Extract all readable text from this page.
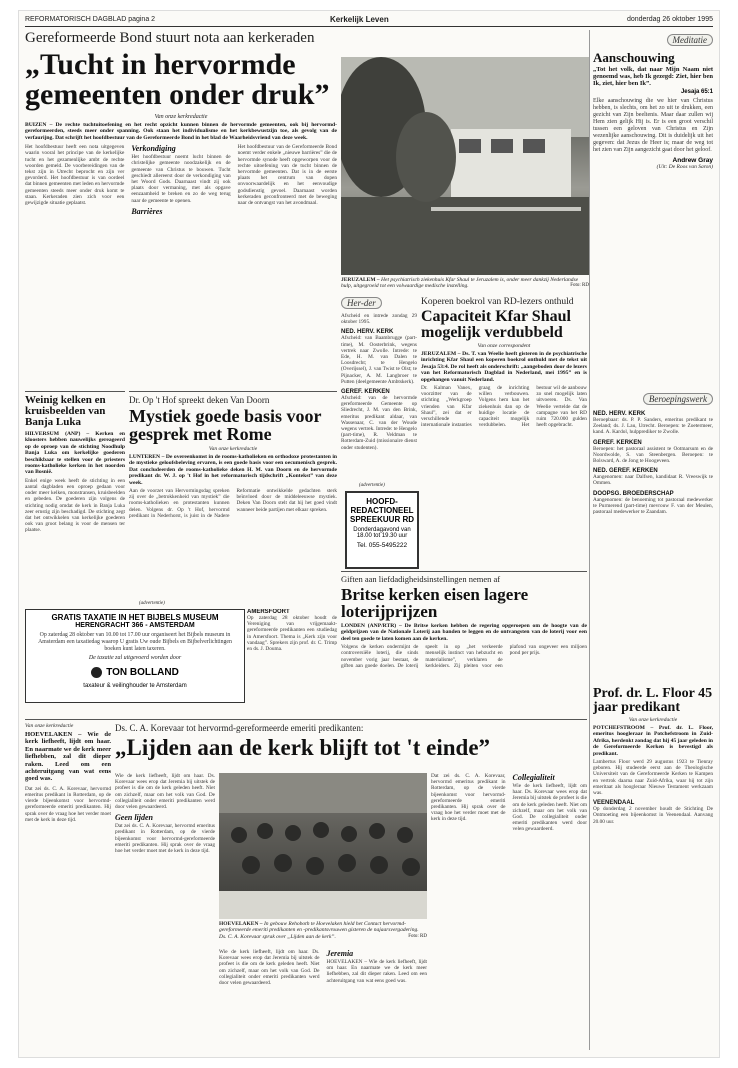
REFORMATORISCH DAGBLAD pagina 2	Kerkelijk Leven	donderdag 26 oktober 1995
Gereformeerde Bond stuurt nota aan kerkeraden
„Tucht in hervormde gemeenten onder druk”
Van onze kerkredactie
BUIZEN – De rechte tuchtuitoefening en het recht opzicht kunnen binnen de hervormde gemeenten, ook bij hervormd-gereformeerden, steeds meer onder spanning. Ook staan het individualisme en het kerkbewustzijn toe, als gevolg van de verfaurijng. Dat schrijft het hoofdbestuur van de Gereformeerde Bond in het blad de Waarheidsvriend van deze week.
Het hoofdbestuur heeft een nota uitgegeven waarin vooral het principe van de kerkelijke tucht en het gezamenlijke ambt de rechte woorden gemeld. De voorbereidingen van de tekst zijn in Utrecht beprocht en zijn ver gevorderd. Het hoofdbestuur is van oordeel dat binnen gemeenten met leden en hervormde gemeenten steeds meer onder druk komt te staan. Kerkeraden zien zich voor een gewijzigde situatie geplaatst.
Verkondiging
Het hoofdbestuur noemt lucht binnen de christelijke gemeente noodzakelijk en de gemeente van Christus te bouwen. Tucht geschiedt allereerst door de verkondiging van het Woord Gods. Daarnaast vindt zij ook plaats door vermaning, met als opgave eenzaamheid te breken en zo de weg terug naar de gemeente te openen.
Barrières
Het hoofdbestuur van de Gereformeerde Bond noemt verder enkele „nieuwe barrières” die de hervormde synode heeft opgeworpen voor de rechte uitoefening van de tucht binnen de hervormde gemeenten. Dat is in de eerste plaats het centrum van dopen onvoorwaardelijk en het eenvoudige godsdienstig gevoel. Daarnaast worden kerkeraden geconfronteerd met de beweging naar de ontvangst van het avondmaal.
JERUZALEM – Het psychiatrisch ziekenhuis Kfar Shaul te Jeruzalem is, onder meer dankzij Nederlandse hulp, uitgegroeid tot een volwaardige medische instelling.	Foto: RD
Meditatie
Aanschouwing
„Tot het volk, dat naar Mijn Naam niet genoemd was, heb Ik gezegd: Ziet, hier ben Ik, ziet, hier ben Ik”.
Jesaja 65:1
Elke aanschouwing die we hier van Christus hebben, is slechts, om het zo uit te drukken, een gezicht van Zijn beeltenis. Maar daar zullen wij Hem zien gelijk Hij is. Er is een groot verschil tussen een geloven van Christus en Zijn wezenlijke aanschouwing. Dit is duidelijk uit het gegeven: dat Jezus de Heer is; maar de weg tot het zien van Zijn aangezicht gaat door het geloof.
Andrew Gray
(Uit: De Roos van Saron)
Beroepingswerk
NED. HERV. KERK
Beroepbaar: ds. P. P. Sanders, emeritus predikant te Zeeland; ds. J. Lau, Utrecht. Beroepen: te Zoetermeer, kand. A. Kardol, hulpprediker te Zwolle.
GEREF. KERKEN
Beroepen: het pastoraal assistent te Ootmarsum en de Noordwolde, S. van Steenbergen. Beroepen: te Bolsward, A. de Jong te Hoogeveen.
NED. GEREF. KERKEN
Aangenomen: naar Dalfsen, kandidaat R. Vreeswijk te Ommen.
DOOPSG. BROEDERSCHAP
Aangenomen: de benoeming tot pastoraal medewerker te Purmerend (part-time) mevrouw F. van der Meulen, pastoraal medewerker te Zaandam.
Prof. dr. L. Floor 45 jaar predikant
Van onze kerkredactie
POTCHEFSTROOM – Prof. dr. L. Floor, emeritus hoogleraar in Potchefstroom in Zuid-Afrika, herdenkt zondag dat hij 45 jaar geleden in de Gereformeerde Kerken is bevestigd als predikant.
Lambertus Floor werd 29 augustus 1923 te Tienray geboren. Hij studeerde eerst aan de Theologische Universiteit van de Gereformeerde Kerken te Kampen en vertrok daarna naar Zuid-Afrika, waar hij tot zijn emeritaat als hoogleraar Nieuwe Testament werkzaam was.
VEENENDAAL
Op donderdag 2 november houdt de Stichting De Ontmoeting een bijeenkomst in Veenendaal. Aanvang 20.00 uur.
Weinig kelken en kruisbeelden van Banja Luka
HILVERSUM (ANP) – Kerken en kloosters hebben nauwelijks gereageerd op de oproep van de stichting Noodhulp Banja Luka om kerkelijke goederen beschikbaar te stellen voor de priesters rooms-katholieke kerken in het noorden van Bosnië.
Enkel enige week heeft de stichting in een aantal dagbladen een oproep gedaan voor onder meer kelken, monstransen, kruisbeelden en gebeden. De goederen zijn volgens de stichting nodig omdat de kerk in Banja Luka zeer ernstig zijn beschadigd. De stichting zegt dat het ontwikkelen van kerkelijke goederen ook van groot belang is voor de mensen ter plaatse.
Dr. Op 't Hof spreekt deken Van Doorn
Mystiek goede basis voor gesprek met Rome
Van onze kerkredactie
LUNTEREN – De overeenkomst in de rooms-katholieken en orthodoxe protestanten in de mystieke geloofsbeleving ervaren, is een goede basis voor een oecumenisch gesprek. Dat concludeerden de rooms-katholieke deken H. M. van Doorn en de hervormde predikant dr. W. J. op 't Hof in het reformatorisch tijdschrift „Kontekst” van deze week.
Aan de voorzet van Hervormingsdag spreken zij over de „betrokkenheid van mystiek” die rooms-katholieken en protestanten kunnen delen. Volgens dr. Op 't Hof, hervormd predikant in Nederhorst, is juist in de Nadere Reformatie ontwikkelde gedachten sterk beïnvloed door de middeleeuwse mystiek. Deken Van Doorn stelt dat hij het goed vindt wanneer beide partijen met elkaar spreken.
(advertentie)
GRATIS TAXATIE IN HET BIJBELS MUSEUM
HERENGRACHT 366 - AMSTERDAM
Op zaterdag 28 oktober van 10.00 tot 17.00 uur organiseert het Bijbels museum in Amsterdam een taxatiedag waarop U gratis Uw oude Bijbels en Bijbelverlichtingen boeken kunt laten taxeren.
De taxatie zal uitgevoerd worden door
TON BOLLAND
taxateur & veilinghouder te Amsterdam
AMERSFOORT
Op zaterdag 28 oktober houdt de Vereniging van vrijgemaakt-gereformeerde predikanten een studiedag in Amersfoort. Thema is „Kerk zijn voor vandaag”. Sprekers zijn prof. dr. C. Trimp en ds. J. Douma.
Her-der
Afscheid en intrede zondag 29 oktober 1995.
NED. HERV. KERK
Afscheid: van Baambrugge (part-time), M. Oosterbrink, wegens vertrek naar Zwolle. Intrede: te Ede, H. M. van Dalen te Loosdrecht; te Hengelo (Overijssel), J. van Twist te Olst; te Pijnacker, A. M. Langbroer te Putten (deelgemeente Ambtskerk).
GEREF. KERKEN
Afscheid: van de hervormde gereformeerde Gemeente op Sliedrecht, J. M. van den Brink, emeritus predikant aldaar, van Wassenaar, C. van der Woude wegens vertrek. Intrede: te Hengelo (part-time), R. Veldman te Rotterdam-Zuid (missionaire dienst onder studenten).
(advertentie)
HOOFD-REDACTIONEEL SPREEKUUR RD
Donderdagavond van 18.00 tot 19.30 uur
Tel. 055-5495222
Koperen boekrol van RD-lezers onthuld
Capaciteit Kfar Shaul mogelijk verdubbeld
Van onze correspondent
JERUZALEM – Ds. T. van Weelie heeft gisteren in de psychiatrische inrichting Kfar Shaul een koperen boekrol onthuld met de tekst uit Jesaja 53:4. De rol heeft als onderschrift: „aangeboden door de lezers van het Reformatorisch Dagblad in Nederland, mei 1995” en is opgehangen vanuit Nederland.
Dr. Kalman Vanex, voorzitter van de stichting „Werkgroep vrienden van Kfar Shaul”, zei dat er verschillende internationale instanties graag de inrichting willen verbouwen. Volgens hem kan het ziekenhuis dan op de huidige locatie de capaciteit mogelijk verdubbelen. Het bestuur wil de aanbouw zo snel mogelijk laten uitvoeren. Ds. Van Weelie vertelde dat de campagne van het RD ruim 720.000 gulden heeft opgebracht.
Giften aan liefdadigheidsinstellingen nemen af
Britse kerken eisen lagere loterijprijzen
LONDEN (ANP/RTR) – De Britse kerken hebben de regering opgeroepen om de hoogte van de geldprijzen van de Nationale Loterij aan banden te leggen en de ontvangsten van de loterij voor een deel ten goede te laten komen aan de kerken.
Volgens de kerken ondermijnt de controversiële loterij, die sinds november vorig jaar bestaat, de giften aan goede doelen. De loterij speelt in op „het verkeerde menselijk instinct van hebzucht en materialisme”, verklaren de kerkleiders. Zij pleiten voor een plafond van ongeveer een miljoen pond per prijs.
Van onze kerkredactie
HOEVELAKEN – Wie de kerk liefheeft, lijdt om haar. En naarmate we de kerk meer liefhebben, zal dit dieper raken. Leed om een achteruitgang van wat eens goed was.
Dat zei ds. C. A. Korevaar, hervormd emeritus predikant in Rotterdam, op de vierde bijeenkomst voor hervormd-gereformeerde emeriti predikanten. Hij sprak over de vraag hoe het verder moet met de kerk in deze tijd.
Ds. C. A. Korevaar tot hervormd-gereformeerde emeriti predikanten:
„Lijden aan de kerk blijft tot 't einde”
Wie de kerk liefheeft, lijdt om haar. Ds. Korevaar wees erop dat Jeremia bij uitstek de profeet is die om de kerk geleden heeft. Niet om zichzelf, maar om het volk van God. De collegialiteit onder emeriti predikanten werd door velen gewaardeerd.
Geen lijden
Dat zei ds. C. A. Korevaar, hervormd emeritus predikant in Rotterdam, op de vierde bijeenkomst voor hervormd-gereformeerde emeriti predikanten. Hij sprak over de vraag hoe het verder moet met de kerk in deze tijd.
HOEVELAKEN – In gebouw Rehoboth te Hoevelaken hield het Contact hervormd-gereformeerde emeriti predikanten en -predikantsvrouwen gisteren de najaarsvergadering. Ds. C. A. Korevaar sprak over „Lijden aan de kerk”.	Foto: RD
Wie de kerk liefheeft, lijdt om haar. Ds. Korevaar wees erop dat Jeremia bij uitstek de profeet is die om de kerk geleden heeft. Niet om zichzelf, maar om het volk van God. De collegialiteit onder emeriti predikanten werd door velen gewaardeerd.
Jeremia
HOEVELAKEN – Wie de kerk liefheeft, lijdt om haar. En naarmate we de kerk meer liefhebben, zal dit dieper raken. Leed om een achteruitgang van wat eens goed was.
Dat zei ds. C. A. Korevaar, hervormd emeritus predikant in Rotterdam, op de vierde bijeenkomst voor hervormd-gereformeerde emeriti predikanten. Hij sprak over de vraag hoe het verder moet met de kerk in deze tijd.
Collegialiteit
Wie de kerk liefheeft, lijdt om haar. Ds. Korevaar wees erop dat Jeremia bij uitstek de profeet is die om de kerk geleden heeft. Niet om zichzelf, maar om het volk van God. De collegialiteit onder emeriti predikanten werd door velen gewaardeerd.
